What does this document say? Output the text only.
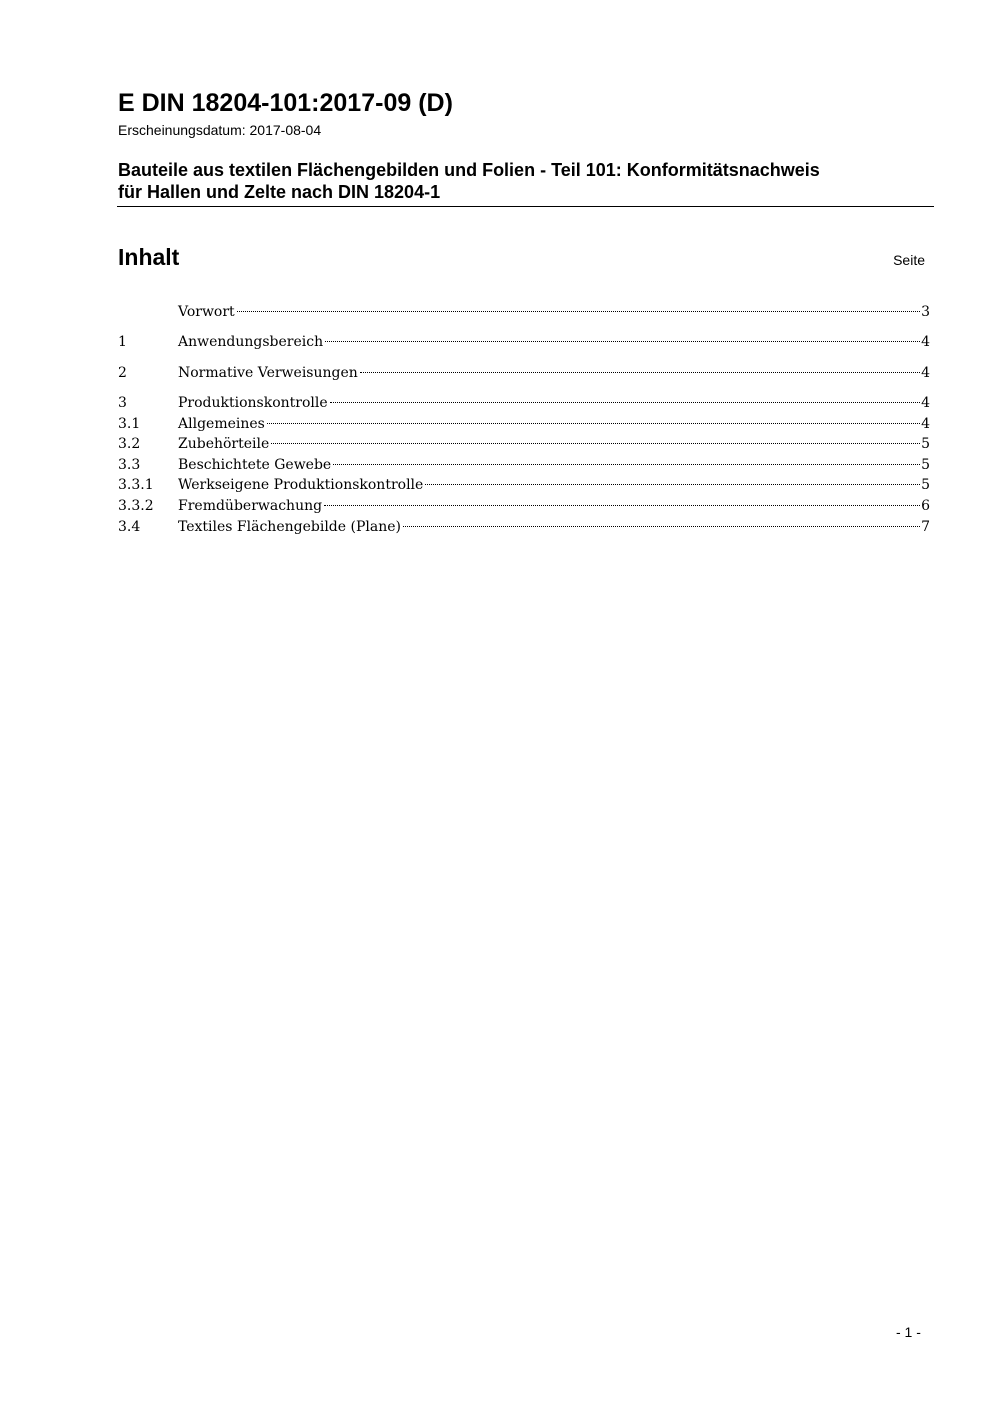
E DIN 18204-101:2017-09 (D)
Erscheinungsdatum: 2017-08-04
Bauteile aus textilen Flächengebilden und Folien - Teil 101: Konformitätsnachweis
für Hallen und Zelte nach DIN 18204-1
Inhalt	Seite
Vorwort	3
1	Anwendungsbereich	4
2	Normative Verweisungen	4
3	Produktionskontrolle	4
3.1	Allgemeines	4
3.2	Zubehörteile	5
3.3	Beschichtete Gewebe	5
3.3.1	Werkseigene Produktionskontrolle	5
3.3.2	Fremdüberwachung	6
3.4	Textiles Flächengebilde (Plane)	7
- 1 -
